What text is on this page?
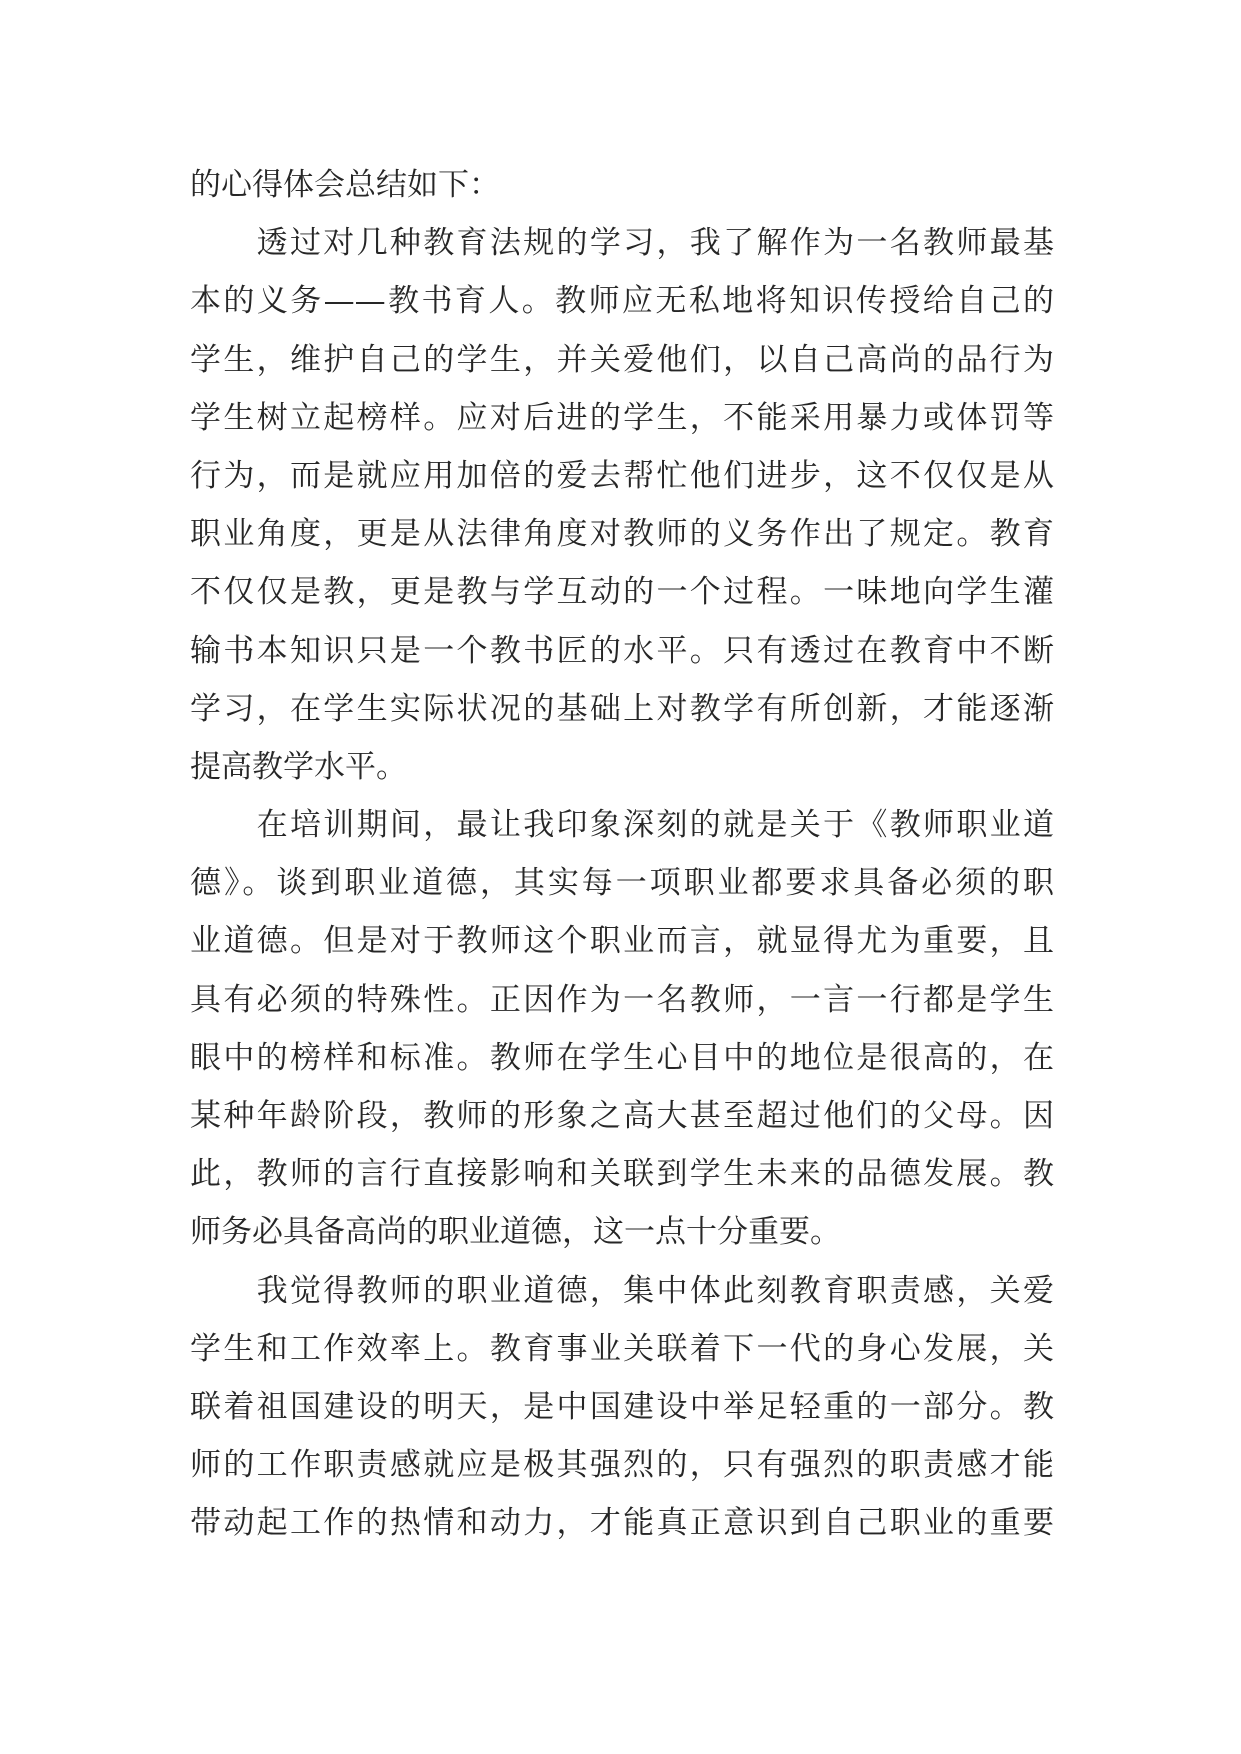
的心得体会总结如下：
　　透过对几种教育法规的学习，我了解作为一名教师最基
本的义务——教书育人。教师应无私地将知识传授给自己的
学生，维护自己的学生，并关爱他们，以自己高尚的品行为
学生树立起榜样。应对后进的学生，不能采用暴力或体罚等
行为，而是就应用加倍的爱去帮忙他们进步，这不仅仅是从
职业角度，更是从法律角度对教师的义务作出了规定。教育
不仅仅是教，更是教与学互动的一个过程。一味地向学生灌
输书本知识只是一个教书匠的水平。只有透过在教育中不断
学习，在学生实际状况的基础上对教学有所创新，才能逐渐
提高教学水平。
　　在培训期间，最让我印象深刻的就是关于《教师职业道
德》。谈到职业道德，其实每一项职业都要求具备必须的职
业道德。但是对于教师这个职业而言，就显得尤为重要，且
具有必须的特殊性。正因作为一名教师，一言一行都是学生
眼中的榜样和标准。教师在学生心目中的地位是很高的，在
某种年龄阶段，教师的形象之高大甚至超过他们的父母。因
此，教师的言行直接影响和关联到学生未来的品德发展。教
师务必具备高尚的职业道德，这一点十分重要。
　　我觉得教师的职业道德，集中体此刻教育职责感，关爱
学生和工作效率上。教育事业关联着下一代的身心发展，关
联着祖国建设的明天，是中国建设中举足轻重的一部分。教
师的工作职责感就应是极其强烈的，只有强烈的职责感才能
带动起工作的热情和动力，才能真正意识到自己职业的重要
